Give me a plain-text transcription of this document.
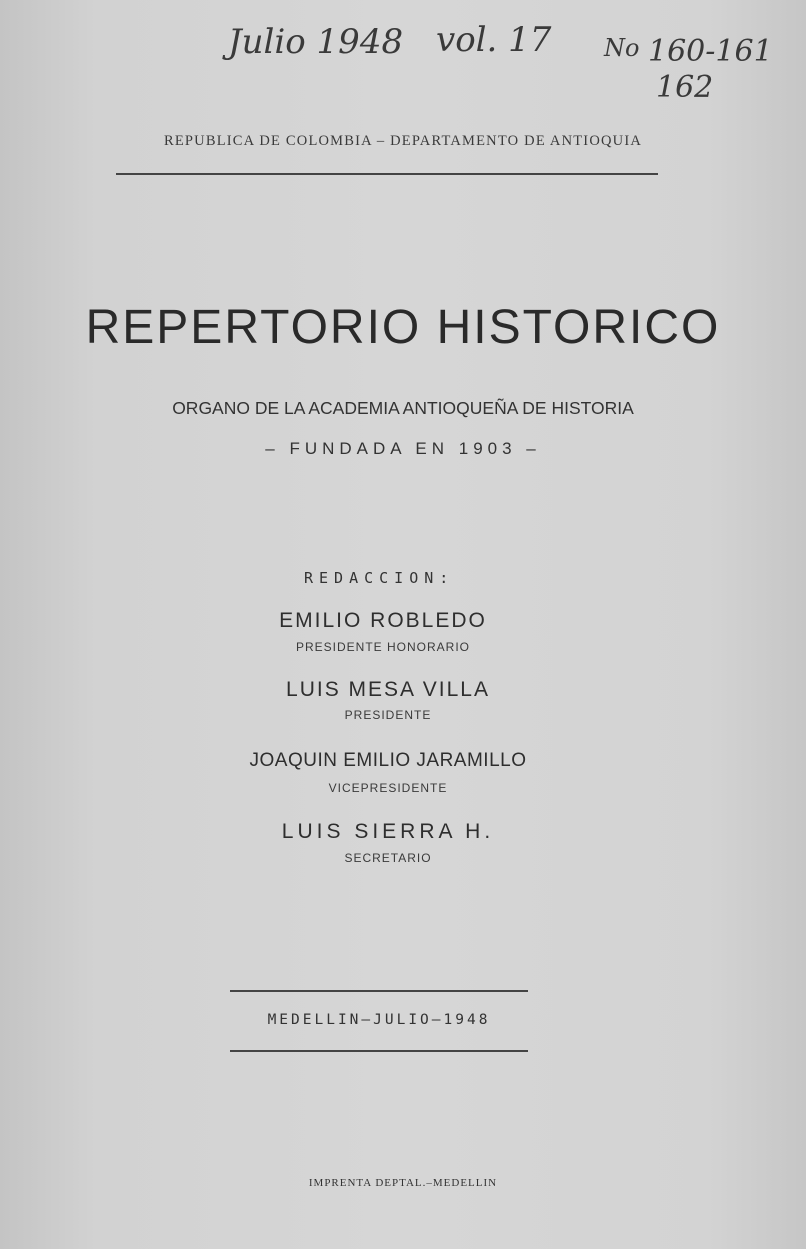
Julio 1948 vol. 17 No 160-161
162
REPUBLICA DE COLOMBIA – DEPARTAMENTO DE ANTIOQUIA
REPERTORIO HISTORICO
ORGANO DE LA ACADEMIA ANTIOQUEÑA DE HISTORIA
– FUNDADA EN 1903 –
REDACCION:
EMILIO ROBLEDO
PRESIDENTE HONORARIO
LUIS MESA VILLA
PRESIDENTE
JOAQUIN EMILIO JARAMILLO
VICEPRESIDENTE
LUIS SIERRA H.
SECRETARIO
MEDELLIN–JULIO–1948
IMPRENTA DEPTAL.–MEDELLIN
